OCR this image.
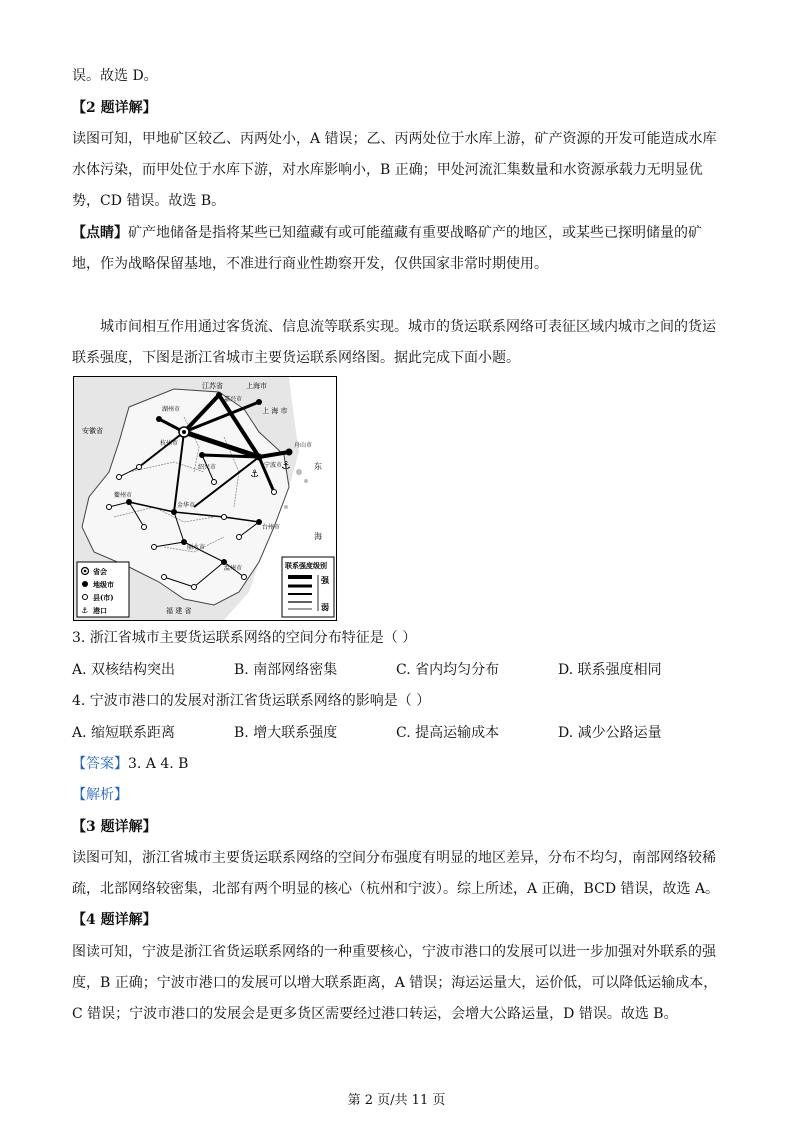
误。故选 D。
【2 题详解】
读图可知，甲地矿区较乙、丙两处小，A 错误；乙、丙两处位于水库上游，矿产资源的开发可能造成水库
水体污染，而甲处位于水库下游，对水库影响小，B 正确；甲处河流汇集数量和水资源承载力无明显优
势，CD 错误。故选 B。
【点睛】矿产地储备是指将某些已知蕴藏有或可能蕴藏有重要战略矿产的地区，或某些已探明储量的矿
地，作为战略保留基地，不准进行商业性勘察开发，仅供国家非常时期使用。
城市间相互作用通过客货流、信息流等联系实现。城市的货运联系网络可表征区域内城市之间的货运
联系强度，下图是浙江省城市主要货运联系网络图。据此完成下面小题。
⚓
⚓
江苏省	上海市
安徽省
上 海 市
东
海
福 建 省
湖州市
嘉兴市
杭州市
绍兴市	宁波市
舟山市
衢州市
金华市
台州市
丽水市
温州市
⚓
省会
地级市
县(市)
港口
联系强度级别
强
弱
3. 浙江省城市主要货运联系网络的空间分布特征是（ ）
A. 双核结构突出	B. 南部网络密集	C. 省内均匀分布	D. 联系强度相同
4. 宁波市港口的发展对浙江省货运联系网络的影响是（ ）
A. 缩短联系距离	B. 增大联系强度	C. 提高运输成本	D. 减少公路运量
【答案】3. A 4. B
【解析】
【3 题详解】
读图可知，浙江省城市主要货运联系网络的空间分布强度有明显的地区差异，分布不均匀，南部网络较稀
疏，北部网络较密集，北部有两个明显的核心（杭州和宁波）。综上所述，A 正确，BCD 错误，故选 A。
【4 题详解】
图读可知，宁波是浙江省货运联系网络的一种重要核心，宁波市港口的发展可以进一步加强对外联系的强
度，B 正确；宁波市港口的发展可以增大联系距离，A 错误；海运运量大，运价低，可以降低运输成本，
C 错误；宁波市港口的发展会是更多货区需要经过港口转运，会增大公路运量，D 错误。故选 B。
第 2 页/共 11 页
